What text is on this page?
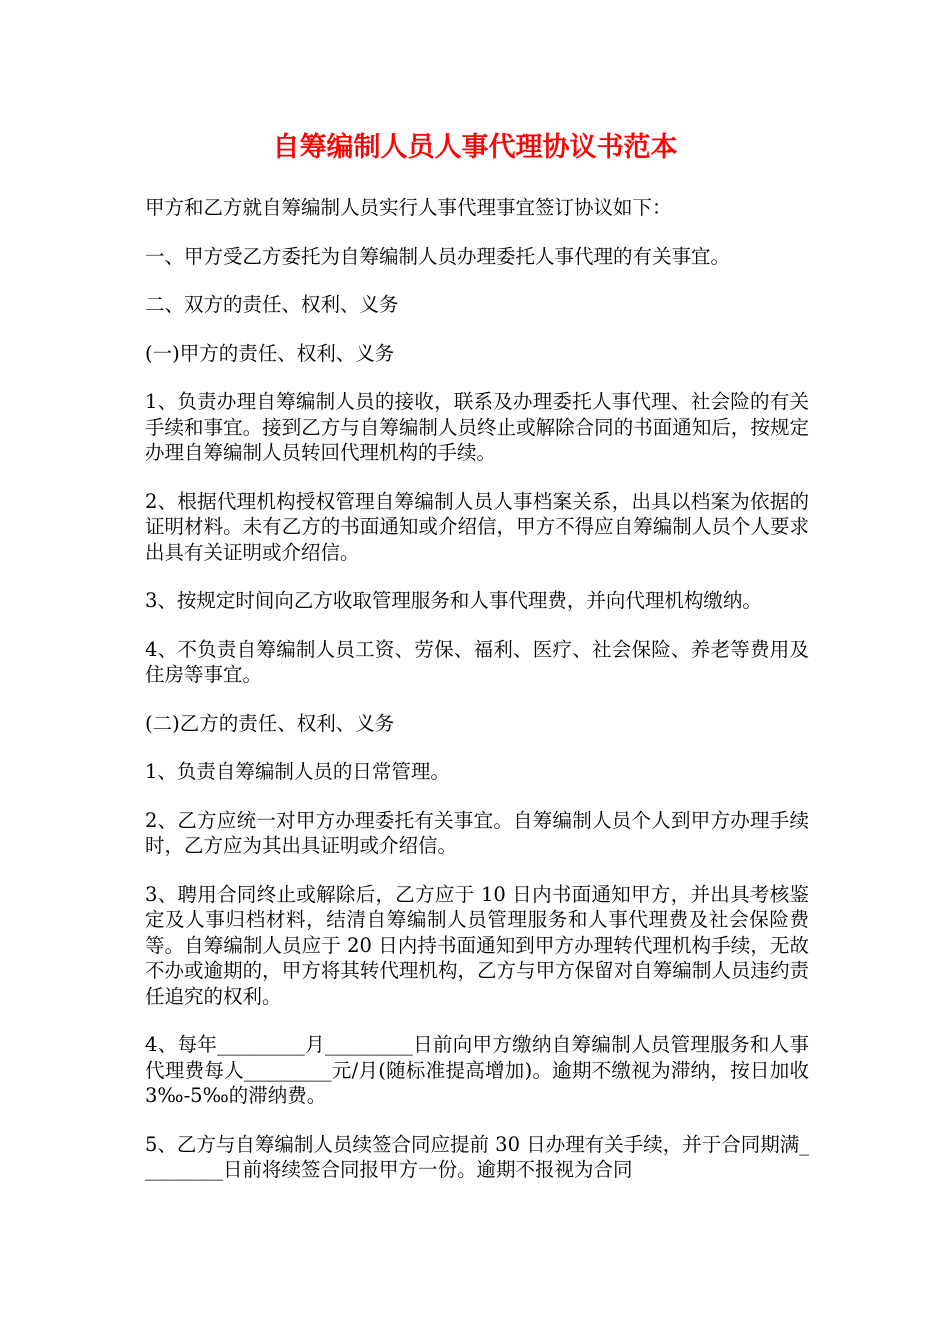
自筹编制人员人事代理协议书范本

甲方和乙方就自筹编制人员实行人事代理事宜签订协议如下：

一、甲方受乙方委托为自筹编制人员办理委托人事代理的有关事宜。

二、双方的责任、权利、义务

(一)甲方的责任、权利、义务

1、负责办理自筹编制人员的接收，联系及办理委托人事代理、社会险的有关手续和事宜。接到乙方与自筹编制人员终止或解除合同的书面通知后，按规定办理自筹编制人员转回代理机构的手续。

2、根据代理机构授权管理自筹编制人员人事档案关系，出具以档案为依据的证明材料。未有乙方的书面通知或介绍信，甲方不得应自筹编制人员个人要求出具有关证明或介绍信。

3、按规定时间向乙方收取管理服务和人事代理费，并向代理机构缴纳。

4、不负责自筹编制人员工资、劳保、福利、医疗、社会保险、养老等费用及住房等事宜。

(二)乙方的责任、权利、义务

1、负责自筹编制人员的日常管理。

2、乙方应统一对甲方办理委托有关事宜。自筹编制人员个人到甲方办理手续时，乙方应为其出具证明或介绍信。

3、聘用合同终止或解除后，乙方应于 10 日内书面通知甲方，并出具考核鉴定及人事归档材料，结清自筹编制人员管理服务和人事代理费及社会保险费等。自筹编制人员应于 20 日内持书面通知到甲方办理转代理机构手续，无故不办或逾期的，甲方将其转代理机构，乙方与甲方保留对自筹编制人员违约责任追究的权利。

4、每年_________月_________日前向甲方缴纳自筹编制人员管理服务和人事代理费每人_________元/月(随标准提高增加)。逾期不缴视为滞纳，按日加收 3‰-5‰的滞纳费。

5、乙方与自筹编制人员续签合同应提前 30 日办理有关手续，并于合同期满_________日前将续签合同报甲方一份。逾期不报视为合同
